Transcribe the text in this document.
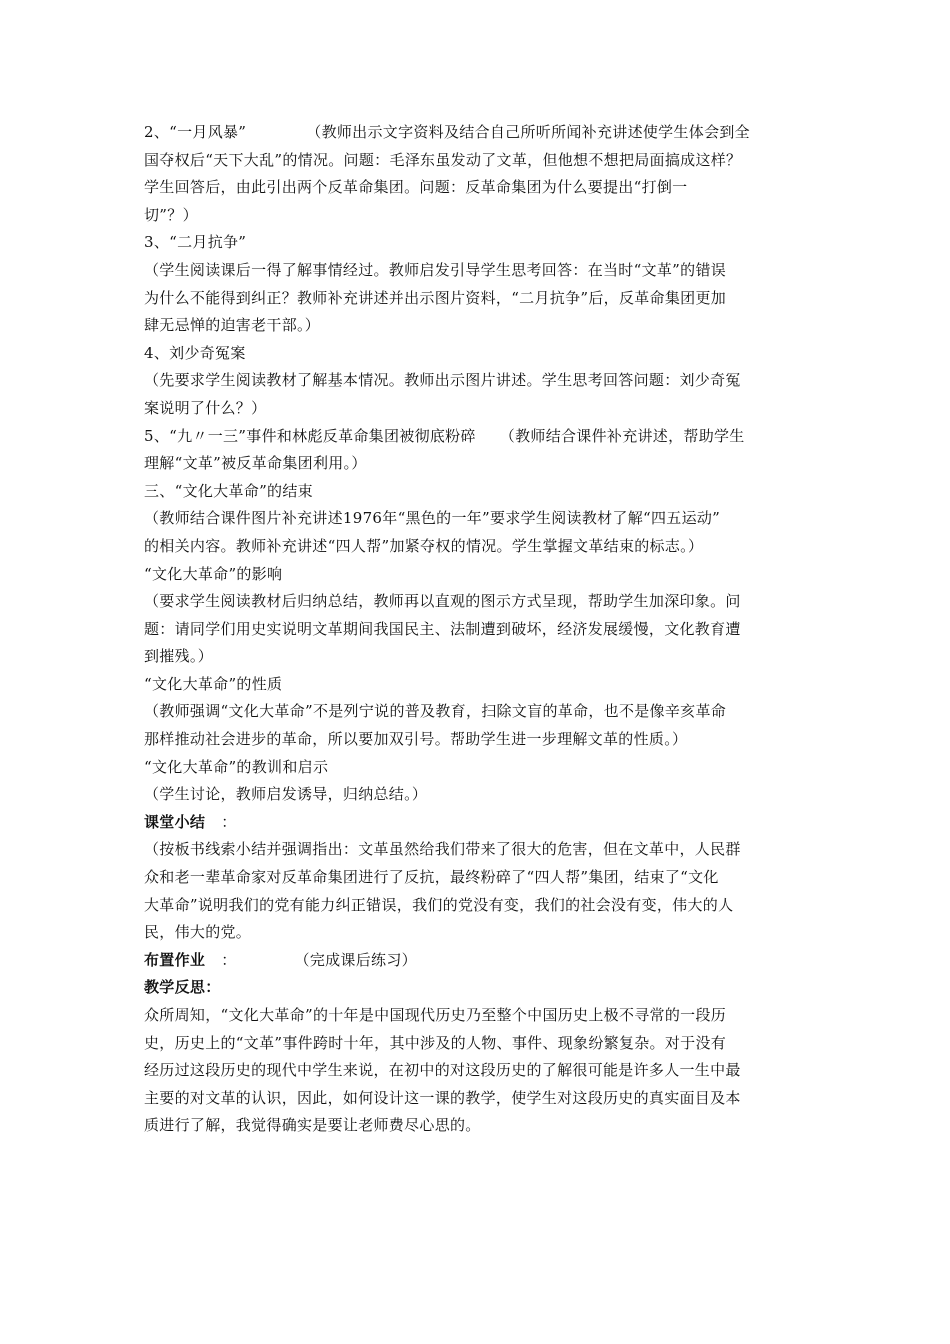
2、“一月风暴”	（教师出示文字资料及结合自己所听所闻补充讲述使学生体会到全
国夺权后“天下大乱”的情况。问题：毛泽东虽发动了文革，但他想不想把局面搞成这样？
学生回答后，由此引出两个反革命集团。问题：反革命集团为什么要提出“打倒一
切”？）
3、“二月抗争”
（学生阅读课后一得了解事情经过。教师启发引导学生思考回答：在当时“文革”的错误
为什么不能得到纠正？教师补充讲述并出示图片资料，“二月抗争”后，反革命集团更加
肆无忌惮的迫害老干部。）
4、刘少奇冤案
（先要求学生阅读教材了解基本情况。教师出示图片讲述。学生思考回答问题：刘少奇冤
案说明了什么？）
5、“九〃一三”事件和林彪反革命集团被彻底粉碎 （教师结合课件补充讲述，帮助学生
理解“文革”被反革命集团利用。）
三、“文化大革命”的结束
（教师结合课件图片补充讲述1976年“黑色的一年”要求学生阅读教材了解“四五运动”
的相关内容。教师补充讲述“四人帮”加紧夺权的情况。学生掌握文革结束的标志。）
“文化大革命”的影响
（要求学生阅读教材后归纳总结，教师再以直观的图示方式呈现，帮助学生加深印象。问
题：请同学们用史实说明文革期间我国民主、法制遭到破坏，经济发展缓慢，文化教育遭
到摧残。）
“文化大革命”的性质
（教师强调“文化大革命”不是列宁说的普及教育，扫除文盲的革命，也不是像辛亥革命
那样推动社会进步的革命，所以要加双引号。帮助学生进一步理解文革的性质。）
“文化大革命”的教训和启示
（学生讨论，教师启发诱导，归纳总结。）
课堂小结 ：
（按板书线索小结并强调指出：文革虽然给我们带来了很大的危害，但在文革中，人民群
众和老一辈革命家对反革命集团进行了反抗，最终粉碎了“四人帮”集团，结束了“文化
大革命”说明我们的党有能力纠正错误，我们的党没有变，我们的社会没有变，伟大的人
民，伟大的党。
布置作业 ：	（完成课后练习）
教学反思：
众所周知，“文化大革命”的十年是中国现代历史乃至整个中国历史上极不寻常的一段历
史，历史上的“文革”事件跨时十年，其中涉及的人物、事件、现象纷繁复杂。对于没有
经历过这段历史的现代中学生来说，在初中的对这段历史的了解很可能是许多人一生中最
主要的对文革的认识，因此，如何设计这一课的教学，使学生对这段历史的真实面目及本
质进行了解，我觉得确实是要让老师费尽心思的。
